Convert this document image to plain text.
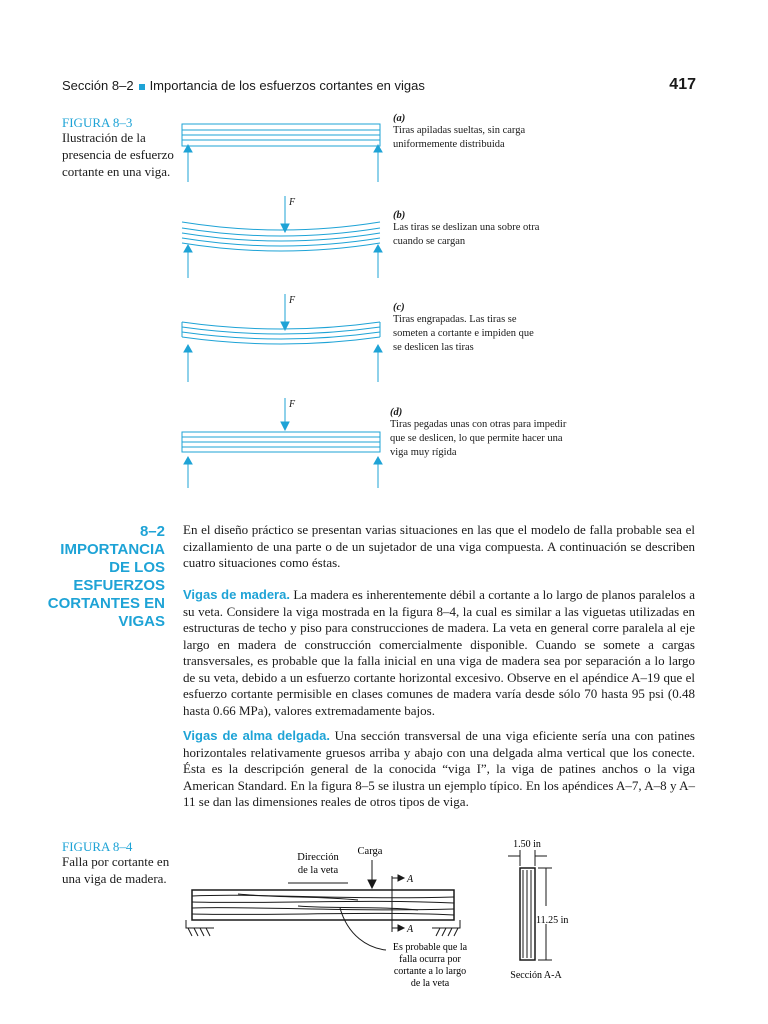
Sección 8–2 Importancia de los esfuerzos cortantes en vigas	417
FIGURA 8–3
Ilustración de la presencia de esfuerzo cortante en una viga.
F
F
F
(a)
Tiras apiladas sueltas, sin carga uniformemente distribuida
(b)
Las tiras se deslizan una sobre otra cuando se cargan
(c)
Tiras engrapadas. Las tiras se someten a cortante e impiden que se deslicen las tiras
(d)
Tiras pegadas unas con otras para impedir que se deslicen, lo que permite hacer una viga muy rígida
8–2
IMPORTANCIA DE LOS ESFUERZOS CORTANTES EN VIGAS
En el diseño práctico se presentan varias situaciones en las que el modelo de falla probable sea el cizallamiento de una parte o de un sujetador de una viga compuesta. A continuación se describen cuatro situaciones como éstas.
Vigas de madera. La madera es inherentemente débil a cortante a lo largo de planos paralelos a su veta. Considere la viga mostrada en la figura 8–4, la cual es similar a las viguetas utilizadas en estructuras de techo y piso para construcciones de madera. La veta en general corre paralela al eje largo en madera de construcción comercialmente disponible. Cuando se somete a cargas transversales, es probable que la falla inicial en una viga de madera sea por separación a lo largo de su veta, debido a un esfuerzo cortante horizontal excesivo. Observe en el apéndice A–19 que el esfuerzo cortante permisible en clases comunes de madera varía desde sólo 70 hasta 95 psi (0.48 hasta 0.66 MPa), valores extremadamente bajos.
Vigas de alma delgada. Una sección transversal de una viga eficiente sería una con patines horizontales relativamente gruesos arriba y abajo con una delgada alma vertical que los conecte. Ésta es la descripción general de la conocida “viga I”, la viga de patines anchos o la viga American Standard. En la figura 8–5 se ilustra un ejemplo típico. En los apéndices A–7, A–8 y A–11 se dan las dimensiones reales de otros tipos de viga.
FIGURA 8–4
Falla por cortante en una viga de madera.
Dirección de la veta
Carga
A
A
Es probable que la falla ocurra por cortante a lo largo de la veta
1.50 in
11.25 in
Sección A-A
